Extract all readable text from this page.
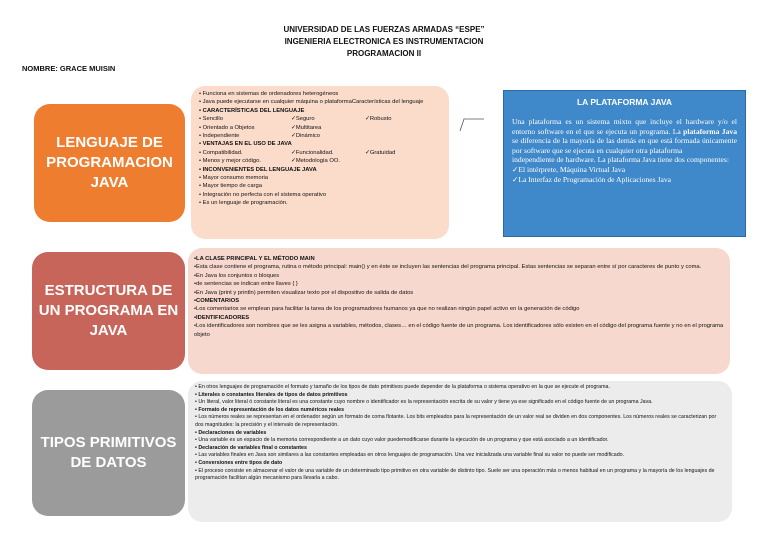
UNIVERSIDAD DE LAS FUERZAS ARMADAS “ESPE”
INGENIERIA ELECTRONICA ES INSTRUMENTACION
PROGRAMACION II
NOMBRE: GRACE MUISIN
LENGUAJE DE PROGRAMACION JAVA
• Funciona en sistemas de ordenadores heterogéneos
• Java puede ejecutarse en cualquier máquina o plataformaCaracterísticas del lenguaje
• CARACTERÍSTICAS DEL LENGUAJE
• Sencillo	✓Seguro	✓Robusto
• Orientado a Objetos	✓Multitarea
• Independiente	✓Dinámico
• VENTAJAS EN EL USO DE JAVA
• Compatibilidad.	✓Funcionalidad.	✓Gratuidad
• Menos y mejor código.	✓Metodología OO.
• INCONVENIENTES DEL LENGUAJE JAVA
• Mayor consumo memoria
• Mayor tiempo de carga
• Integración no perfecta con el sistema operativo
• Es un lenguaje de programación.
LA PLATAFORMA JAVA
Una plataforma es un sistema mixto que incluye el hardware y/o el entorno software en el que se ejecuta un programa. La plataforma Java se diferencia de la mayoría de las demás en que está formada únicamente por software que se ejecuta en cualquier otra plataforma
independiente de hardware. La plataforma Java tiene dos componentes:
✓El intérprete, Máquina Virtual Java
✓La Interfaz de Programación de Aplicaciones Java
ESTRUCTURA DE UN PROGRAMA EN JAVA
•LA CLASE PRINCIPAL Y EL MÉTODO MAIN
•Esta clase contiene el programa, rutina o método principal: main() y en éste se incluyen las sentencias del programa principal. Estas sentencias se separan entre sí por caracteres de punto y coma.
•En Java los conjuntos o bloques
•de sentencias se indican entre llaves { }
•En Java (print y println) permiten visualizar texto por el dispositivo de salida de datos
•COMENTARIOS
•Los comentarios se emplean para facilitar la tarea de los programadores humanos ya que no realizan ningún papel activo en la generación de código
•IDENTIFICADORES
•Los identificadores son nombres que se les asigna a variables, métodos, clases… en el código fuente de un programa. Los identificadores sólo existen en el código del programa fuente y no en el programa objeto
TIPOS PRIMITIVOS DE DATOS
• En otros lenguajes de programación el formato y tamaño de los tipos de dato primitivos puede depender de la plataforma o sistema operativo en la que se ejecute el programa.
• Literales o constantes literales de tipos de datos primitivos
• Un literal, valor literal ó constante literal es una constante cuyo nombre o identificador es la representación escrita de su valor y tiene ya ese significado en el código fuente de un programa Java.
• Formato de representación de los datos numéricos reales
• Los números reales se representan en el ordenador según un formato de coma flotante. Los bits empleados para la representación de un valor real se dividen en dos componentes. Los números reales se caracterizan por dos magnitudes: la precisión y el intervalo de representación.
• Declaraciones de variables
• Una variable es un espacio de la memoria correspondiente a un dato cuyo valor puedemodificarse durante la ejecución de un programa y que está asociado a un identificador.
• Declaración de variables final o constantes
• Las variables finales en Java son similares a las constantes empleadas en otros lenguajes de programación. Una vez inicializada una variable final su valor no puede ser modificado.
• Conversiones entre tipos de dato
• El proceso consiste en almacenar el valor de una variable de un determinado tipo primitivo en otra variable de distinto tipo. Suele ser una operación más o menos habitual en un programa y la mayoría de los lenguajes de programación facilitan algún mecanismo para llevarla a cabo.
